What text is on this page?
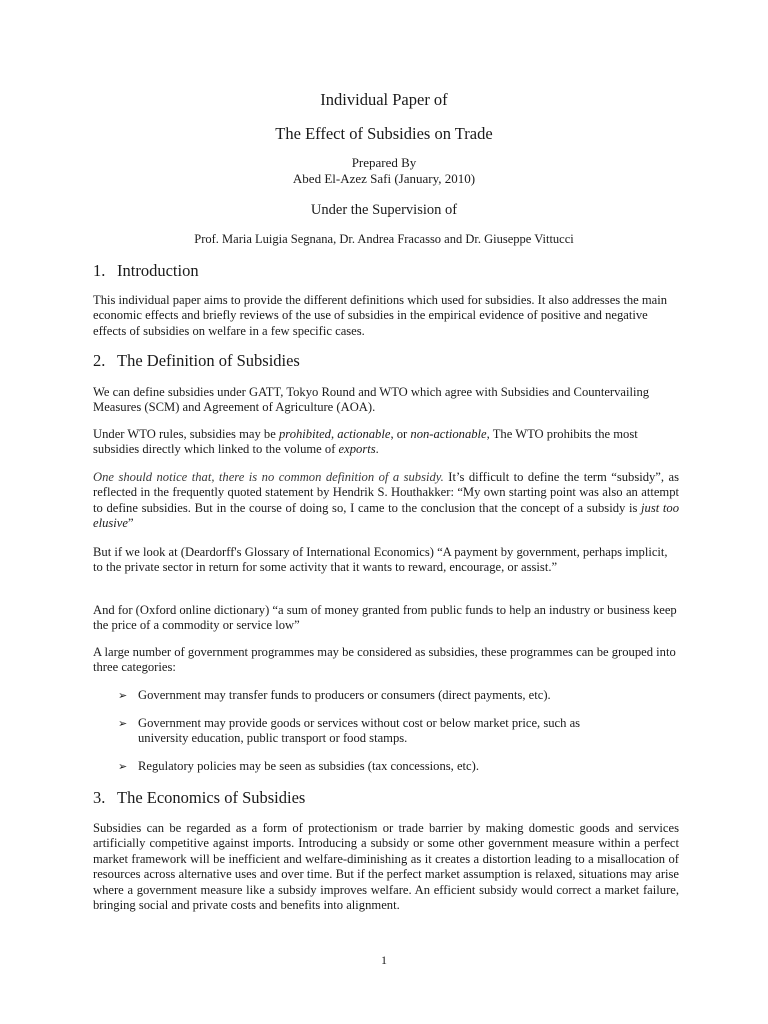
Individual Paper of
The Effect of Subsidies on Trade
Prepared By
Abed El-Azez Safi (January, 2010)
Under the Supervision of
Prof. Maria Luigia Segnana, Dr. Andrea Fracasso and Dr. Giuseppe Vittucci
1. Introduction

This individual paper aims to provide the different definitions which used for subsidies. It also addresses the main economic effects and briefly reviews of the use of subsidies in the empirical evidence of positive and negative effects of subsidies on welfare in a few specific cases.

2. The Definition of Subsidies

We can define subsidies under GATT, Tokyo Round and WTO which agree with Subsidies and Countervailing Measures (SCM) and Agreement of Agriculture (AOA).

Under WTO rules, subsidies may be prohibited, actionable, or non-actionable, The WTO prohibits the most subsidies directly which linked to the volume of exports.

One should notice that, there is no common definition of a subsidy. It’s difficult to define the term “subsidy”, as reflected in the frequently quoted statement by Hendrik S. Houthakker: “My own starting point was also an attempt to define subsidies. But in the course of doing so, I came to the conclusion that the concept of a subsidy is just too elusive”

But if we look at (Deardorff's Glossary of International Economics) “A payment by government, perhaps implicit, to the private sector in return for some activity that it wants to reward, encourage, or assist.”

And for (Oxford online dictionary) “a sum of money granted from public funds to help an industry or business keep the price of a commodity or service low”

A large number of government programmes may be considered as subsidies, these programmes can be grouped into three categories:

➢ Government may transfer funds to producers or consumers (direct payments, etc).
➢ Government may provide goods or services without cost or below market price, such as
university education, public transport or food stamps.
➢ Regulatory policies may be seen as subsidies (tax concessions, etc).
3. The Economics of Subsidies

Subsidies can be regarded as a form of protectionism or trade barrier by making domestic goods and services artificially competitive against imports. Introducing a subsidy or some other government measure within a perfect market framework will be inefficient and welfare-diminishing as it creates a distortion leading to a misallocation of resources across alternative uses and over time. But if the perfect market assumption is relaxed, situations may arise where a government measure like a subsidy improves welfare. An efficient subsidy would correct a market failure, bringing social and private costs and benefits into alignment.

1
